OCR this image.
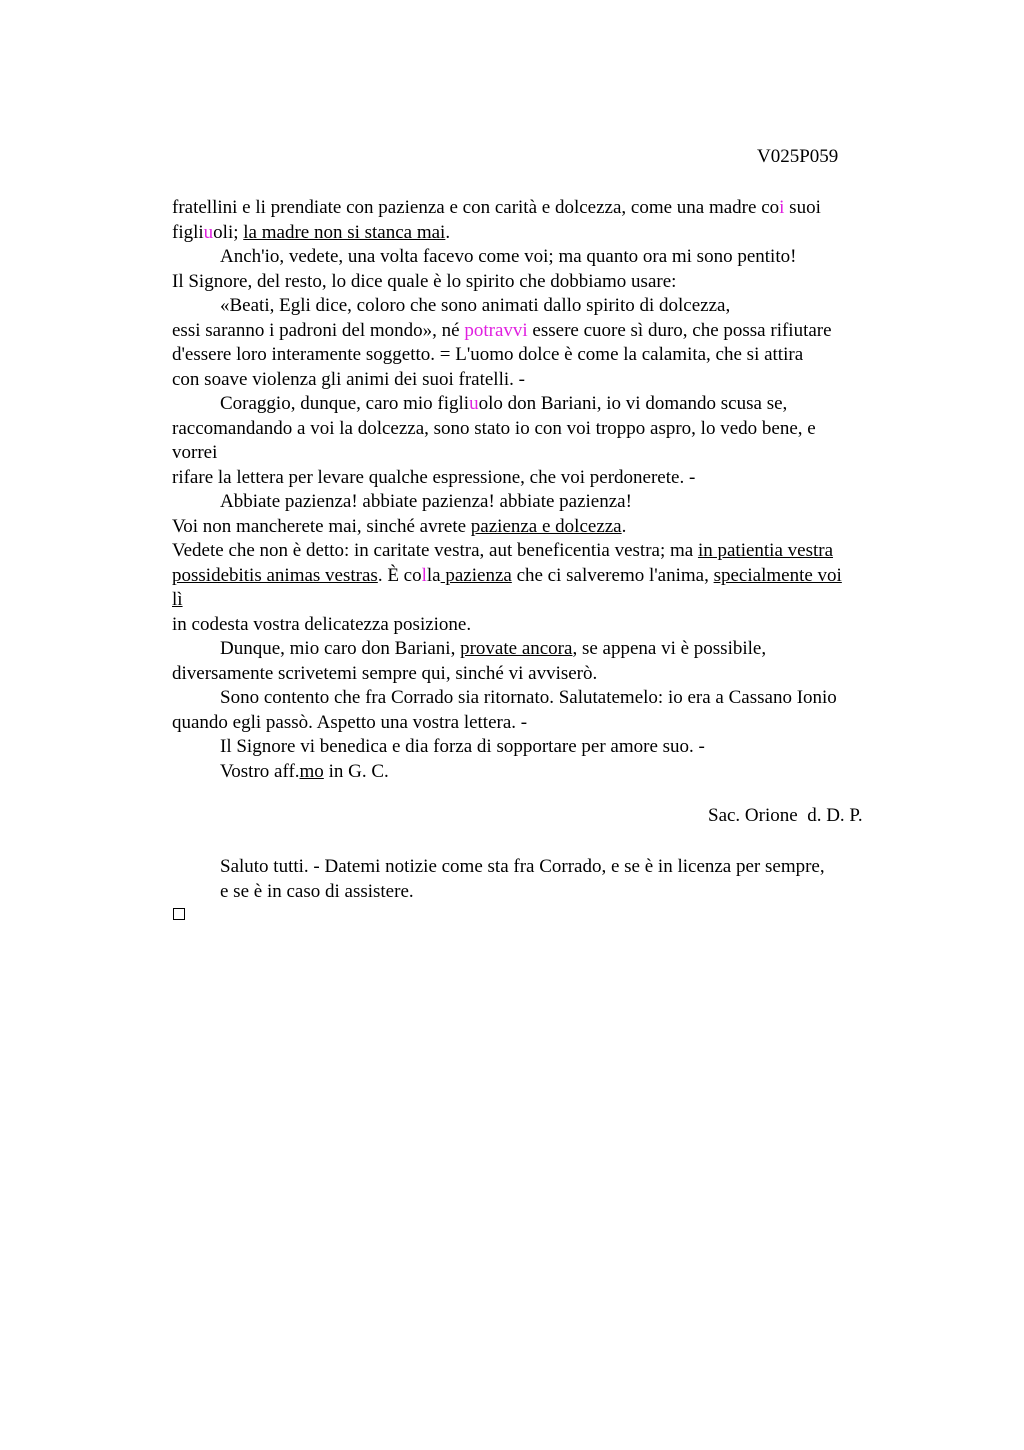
V025P059
fratellini e li prendiate con pazienza e con carità e dolcezza, come una madre coi suoi
figliuoli; la madre non si stanca mai.
Anch'io, vedete, una volta facevo come voi; ma quanto ora mi sono pentito!
Il Signore, del resto, lo dice quale è lo spirito che dobbiamo usare:
«Beati, Egli dice, coloro che sono animati dallo spirito di dolcezza,
essi saranno i padroni del mondo», né potravvi essere cuore sì duro, che possa rifiutare
d'essere loro interamente soggetto. = L'uomo dolce è come la calamita, che si attira
con soave violenza gli animi dei suoi fratelli. -
Coraggio, dunque, caro mio figliuolo don Bariani, io vi domando scusa se,
raccomandando a voi la dolcezza, sono stato io con voi troppo aspro, lo vedo bene, e
vorrei
rifare la lettera per levare qualche espressione, che voi perdonerete. -
Abbiate pazienza! abbiate pazienza! abbiate pazienza!
Voi non mancherete mai, sinché avrete pazienza e dolcezza.
Vedete che non è detto: in caritate vestra, aut beneficentia vestra; ma in patientia vestra
possidebitis animas vestras. È colla pazienza che ci salveremo l'anima, specialmente voi
lì
in codesta vostra delicatezza posizione.
Dunque, mio caro don Bariani, provate ancora, se appena vi è possibile,
diversamente scrivetemi sempre qui, sinché vi avviserò.
Sono contento che fra Corrado sia ritornato. Salutatemelo: io era a Cassano Ionio
quando egli passò. Aspetto una vostra lettera. -
Il Signore vi benedica e dia forza di sopportare per amore suo. -
Vostro aff.mo in G. C.
Sac. Orione  d. D. P.
Saluto tutti. - Datemi notizie come sta fra Corrado, e se è in licenza per sempre,
e se è in caso di assistere.
